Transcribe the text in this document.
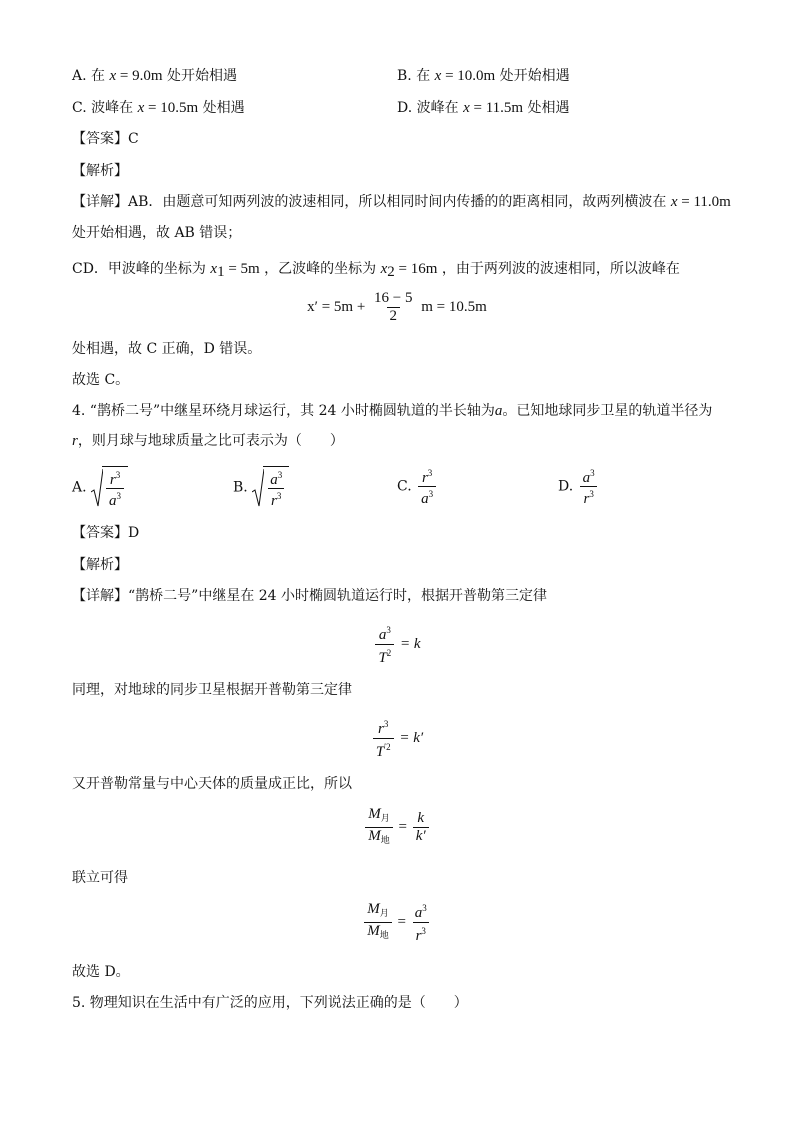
A. 在 x = 9.0m 处开始相遇	B. 在 x = 10.0m 处开始相遇
C. 波峰在 x = 10.5m 处相遇	D. 波峰在 x = 11.5m 处相遇
【答案】C
【解析】
【详解】AB．由题意可知两列波的波速相同，所以相同时间内传播的的距离相同，故两列横波在 x = 11.0m
处开始相遇，故 AB 错误；
CD．甲波峰的坐标为 $x_1 = 5m$ ，乙波峰的坐标为 $x_2 = 16m$ ，由于两列波的波速相同，所以波峰在
$x' = 5m + \frac{16 - 5}{2}$ m = 10.5m
处相遇，故 C 正确，D 错误。
故选 C。
4. “鹊桥二号”中继星环绕月球运行，其 24 小时椭圆轨道的半长轴为a。已知地球同步卫星的轨道半径为
r，则月球与地球质量之比可表示为（　　）
A. $\frac{r^3}{a^3}$	B. $\frac{a^3}{r^3}$	C. $\frac{r^3}{a^3}$	D. $\frac{a^3}{r^3}$
【答案】D
【解析】
【详解】“鹊桥二号”中继星在 24 小时椭圆轨道运行时，根据开普勒第三定律
$\frac{a^3}{T^2} = k$
同理，对地球的同步卫星根据开普勒第三定律
$\frac{r^3}{T^{'2}} = k'$
又开普勒常量与中心天体的质量成正比，所以
$\frac{M_月}{M_地} = \frac{k}{k'}$
联立可得
$\frac{M_月}{M_地} = \frac{a^3}{r^3}$
故选 D。
5. 物理知识在生活中有广泛的应用，下列说法正确的是（　　）
